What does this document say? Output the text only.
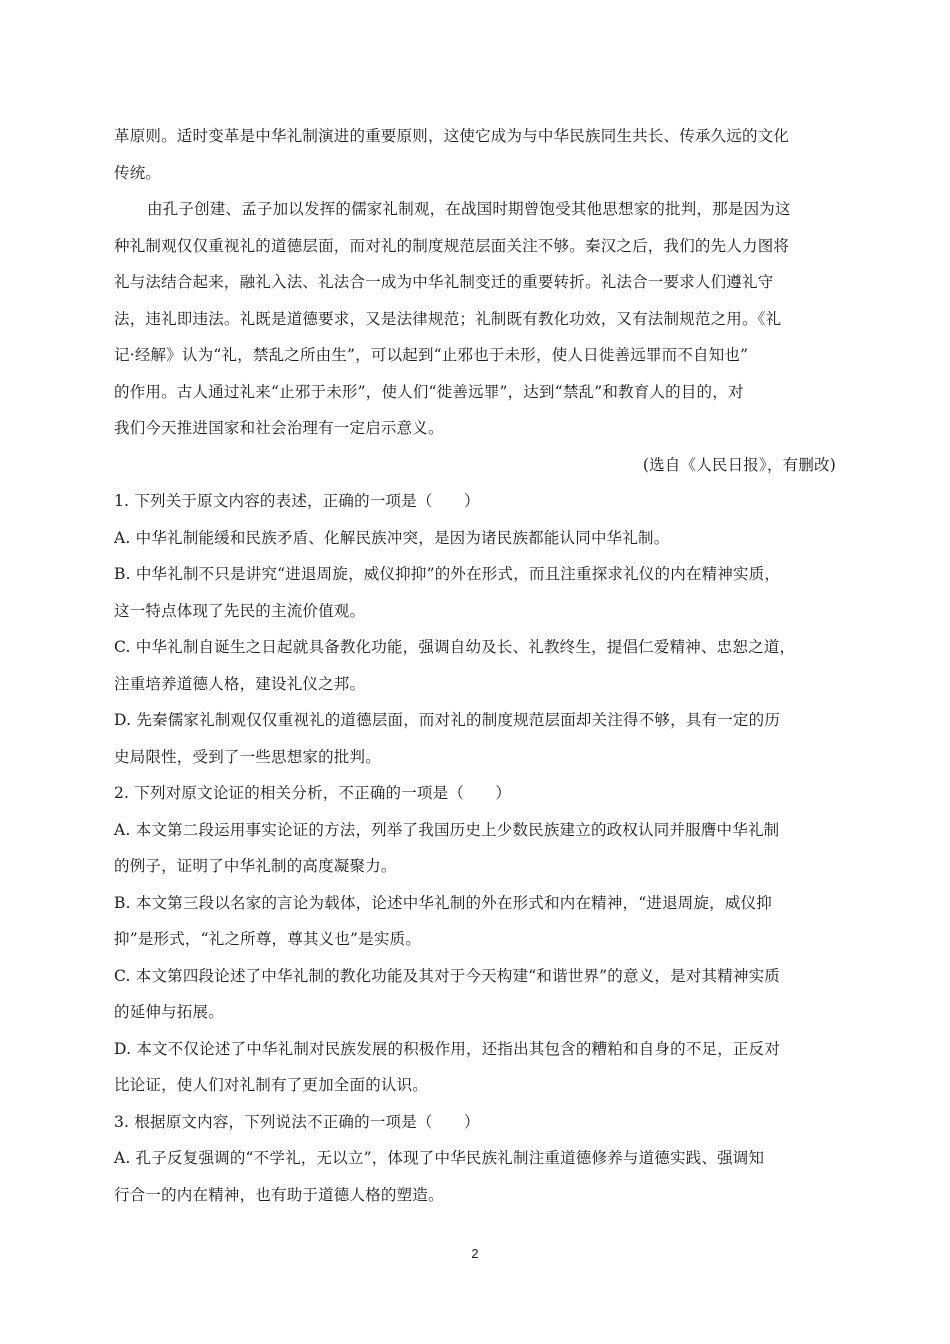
革原则。适时变革是中华礼制演进的重要原则，这使它成为与中华民族同生共长、传承久远的文化
传统。
由孔子创建、孟子加以发挥的儒家礼制观，在战国时期曾饱受其他思想家的批判，那是因为这
种礼制观仅仅重视礼的道德层面，而对礼的制度规范层面关注不够。秦汉之后，我们的先人力图将
礼与法结合起来，融礼入法、礼法合一成为中华礼制变迁的重要转折。礼法合一要求人们遵礼守
法，违礼即违法。礼既是道德要求，又是法律规范；礼制既有教化功效，又有法制规范之用。《礼
记·经解》认为“礼，禁乱之所由生”，可以起到“止邪也于未形，使人日徙善远罪而不自知也”
的作用。古人通过礼来“止邪于未形”，使人们“徙善远罪”，达到“禁乱”和教育人的目的，对
我们今天推进国家和社会治理有一定启示意义。
(选自《人民日报》，有删改)
1. 下列关于原文内容的表述，正确的一项是（　　）
A. 中华礼制能缓和民族矛盾、化解民族冲突，是因为诸民族都能认同中华礼制。
B. 中华礼制不只是讲究“进退周旋，威仪抑抑”的外在形式，而且注重探求礼仪的内在精神实质，
这一特点体现了先民的主流价值观。
C. 中华礼制自诞生之日起就具备教化功能，强调自幼及长、礼教终生，提倡仁爱精神、忠恕之道，
注重培养道德人格，建设礼仪之邦。
D. 先秦儒家礼制观仅仅重视礼的道德层面，而对礼的制度规范层面却关注得不够，具有一定的历
史局限性，受到了一些思想家的批判。
2. 下列对原文论证的相关分析，不正确的一项是（　　）
A. 本文第二段运用事实论证的方法，列举了我国历史上少数民族建立的政权认同并服膺中华礼制
的例子，证明了中华礼制的高度凝聚力。
B. 本文第三段以名家的言论为载体，论述中华礼制的外在形式和内在精神，“进退周旋，威仪抑
抑”是形式，“礼之所尊，尊其义也”是实质。
C. 本文第四段论述了中华礼制的教化功能及其对于今天构建“和谐世界”的意义，是对其精神实质
的延伸与拓展。
D. 本文不仅论述了中华礼制对民族发展的积极作用，还指出其包含的糟粕和自身的不足，正反对
比论证，使人们对礼制有了更加全面的认识。
3. 根据原文内容，下列说法不正确的一项是（　　）
A. 孔子反复强调的“不学礼，无以立”，体现了中华民族礼制注重道德修养与道德实践、强调知
行合一的内在精神，也有助于道德人格的塑造。
2
